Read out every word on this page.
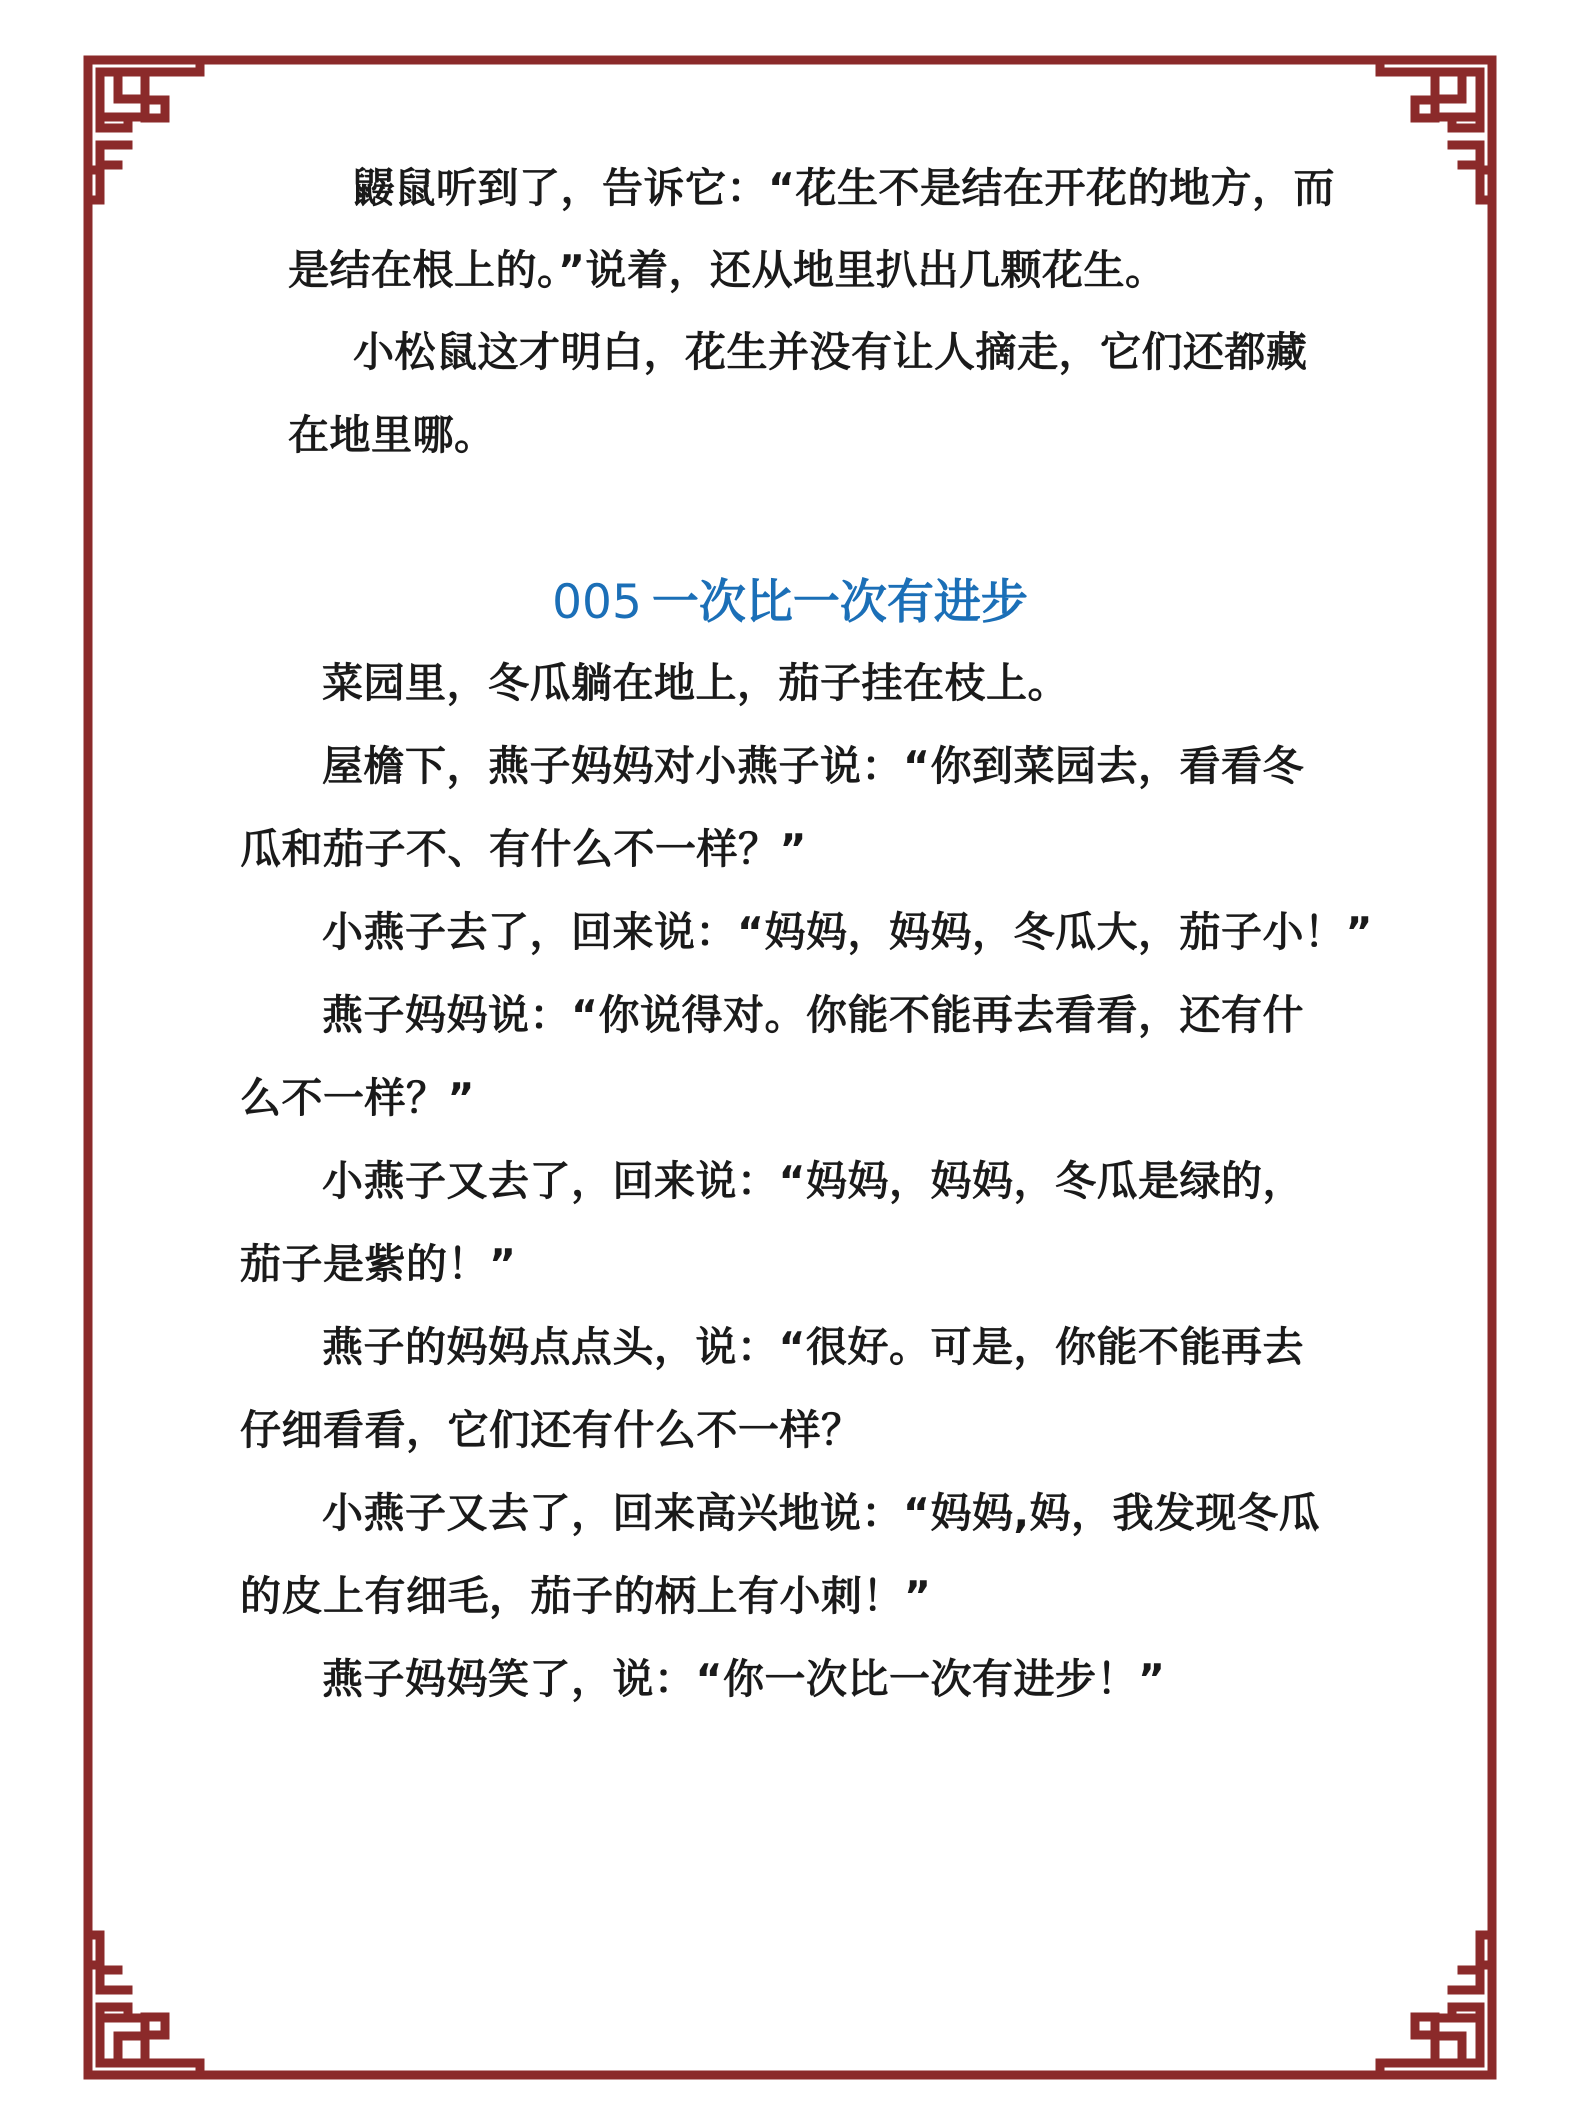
鼹鼠听到了，告诉它：“花生不是结在开花的地方，而
是结在根上的。”说着，还从地里扒出几颗花生。
小松鼠这才明白，花生并没有让人摘走，它们还都藏
在地里哪。
005 一次比一次有进步
菜园里，冬瓜躺在地上，茄子挂在枝上。
屋檐下，燕子妈妈对小燕子说：“你到菜园去，看看冬
瓜和茄子不、有什么不一样？”
小燕子去了，回来说：“妈妈，妈妈，冬瓜大，茄子小！”
燕子妈妈说：“你说得对。你能不能再去看看，还有什
么不一样？”
小燕子又去了，回来说：“妈妈，妈妈，冬瓜是绿的，
茄子是紫的！”
燕子的妈妈点点头，说：“很好。可是，你能不能再去
仔细看看，它们还有什么不一样？
小燕子又去了，回来高兴地说：“妈妈,妈，我发现冬瓜
的皮上有细毛，茄子的柄上有小刺！”
燕子妈妈笑了，说：“你一次比一次有进步！”
